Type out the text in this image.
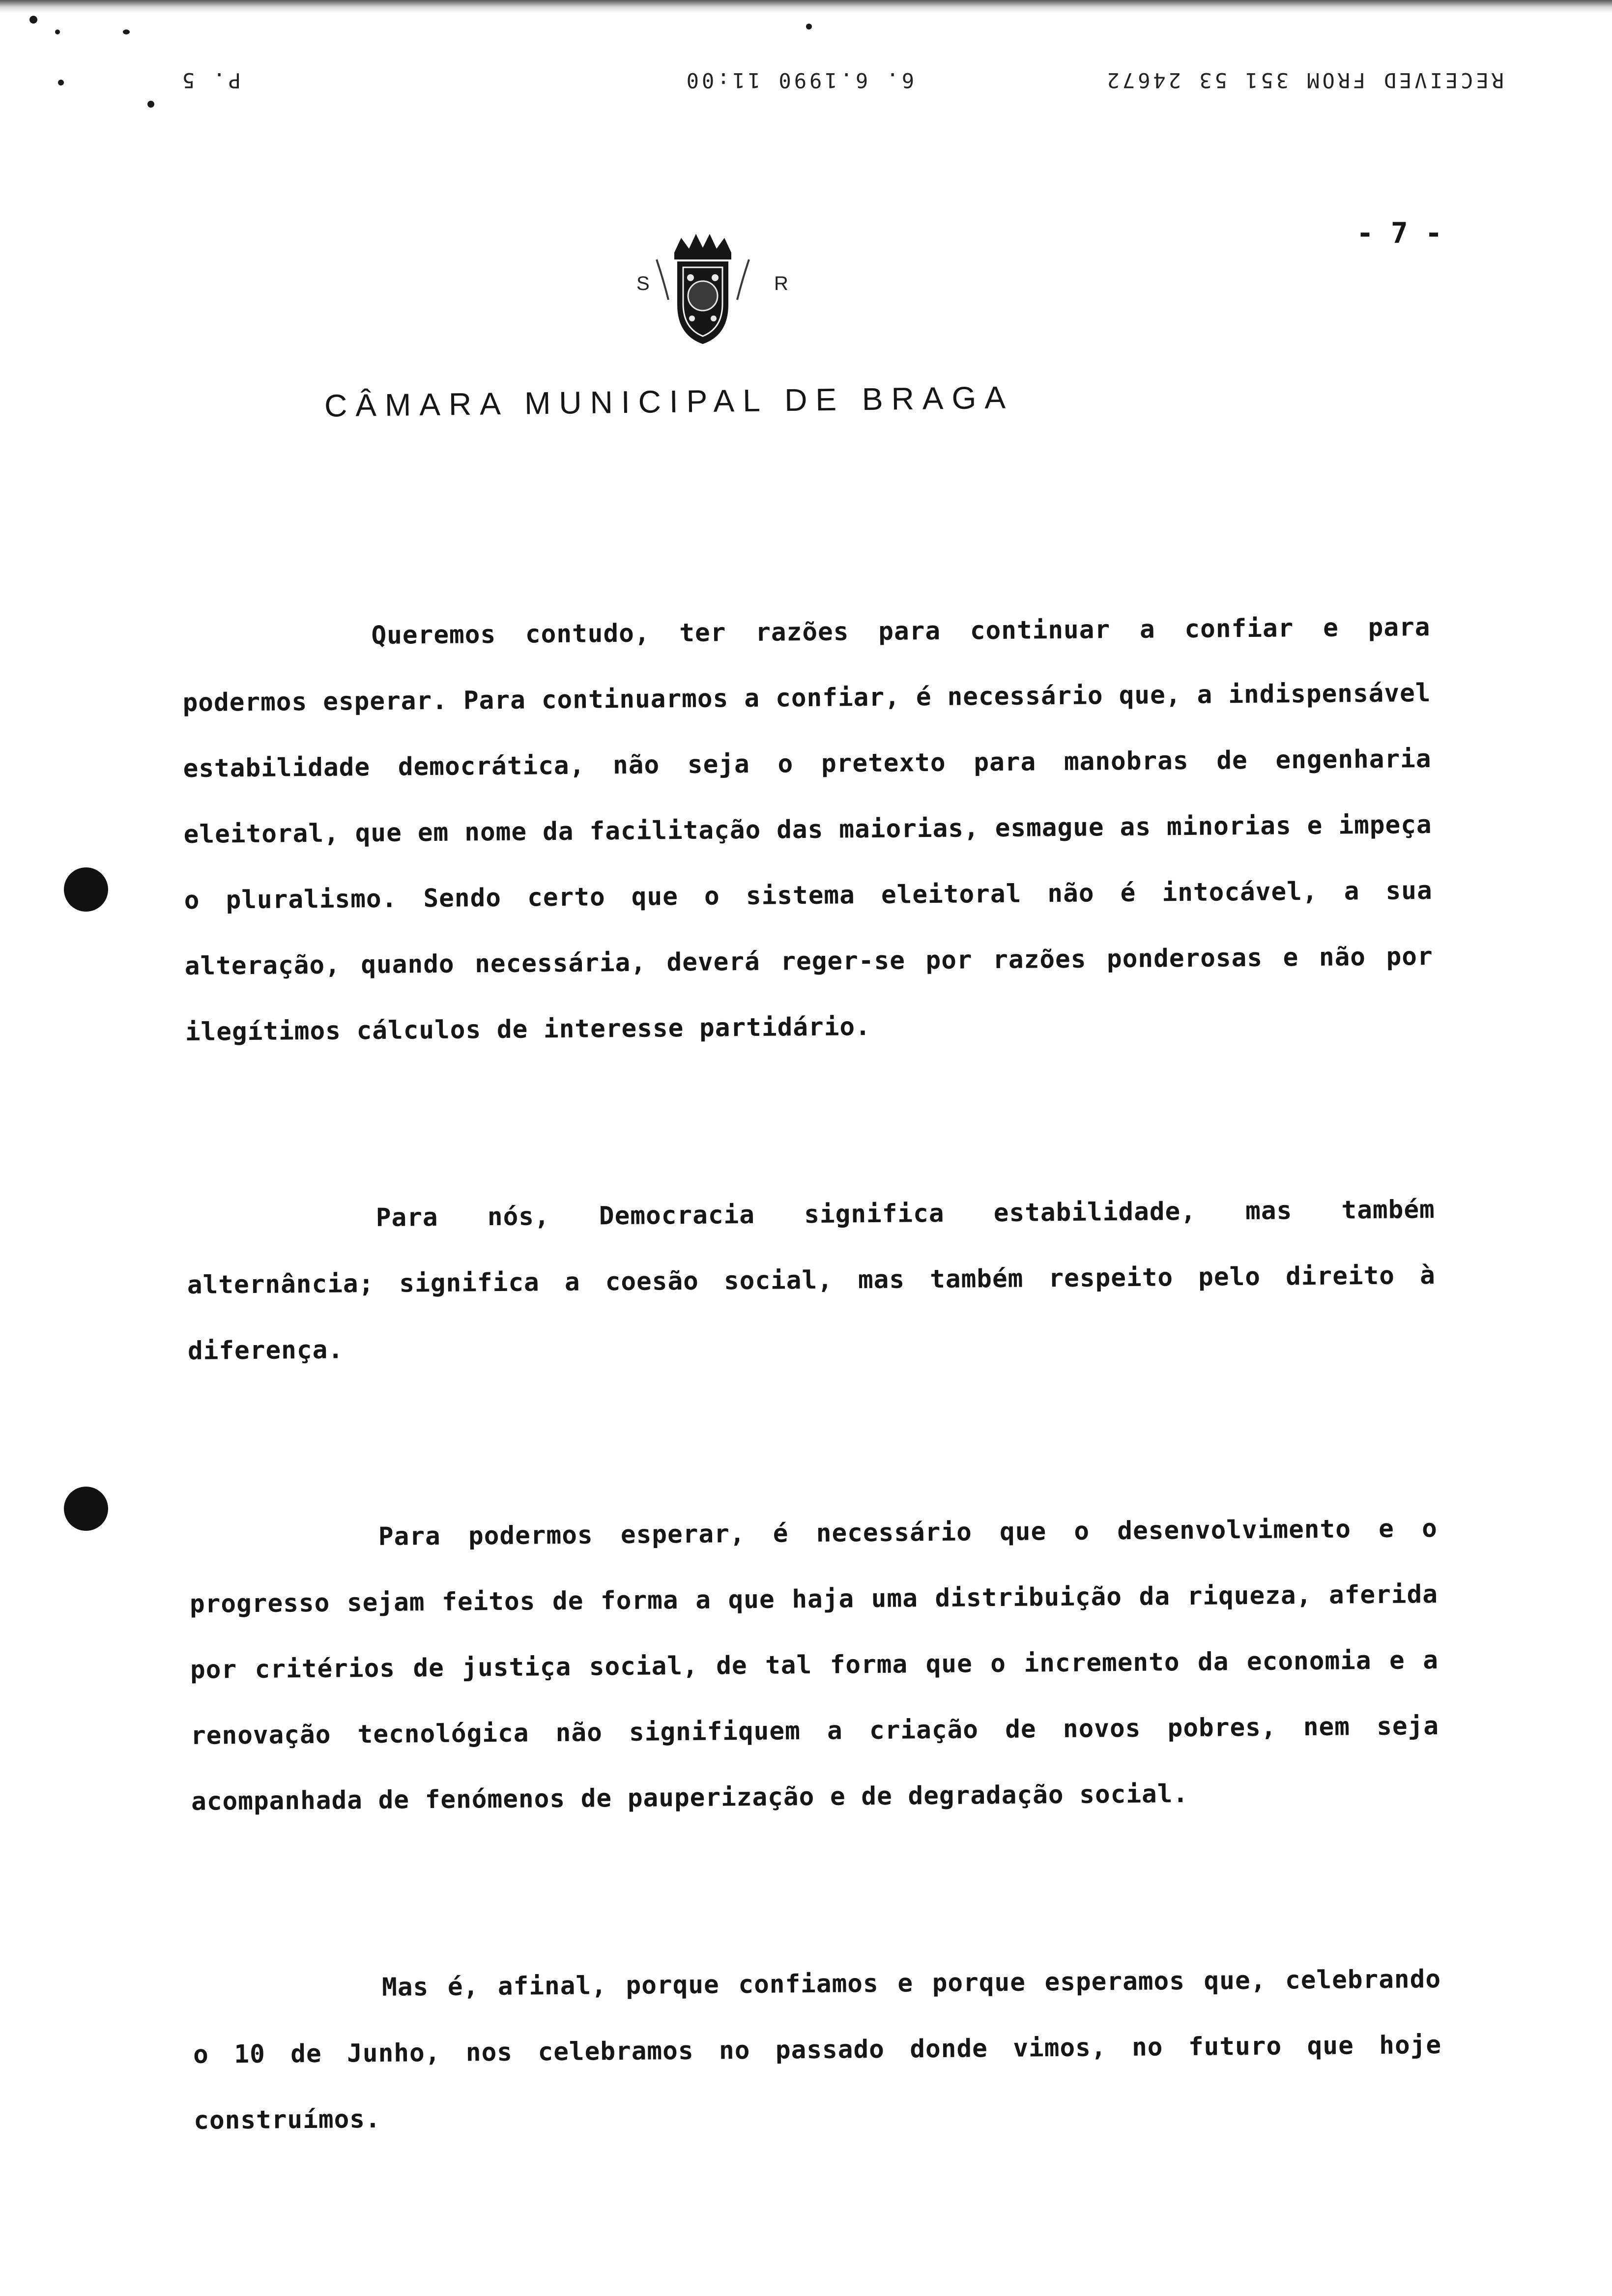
RECEIVED FROM 351 53 24672
6. 6.1990 11:00
P. 5
- 7 -
S	R
CÂMARA MUNICIPAL DE BRAGA

Queremos contudo, ter razões para continuar a confiar e para podermos esperar. Para continuarmos a confiar, é necessário que, a indispensável estabilidade democrática, não seja o pretexto para manobras de engenharia eleitoral, que em nome da facilitação das maiorias, esmague as minorias e impeça o pluralismo. Sendo certo que o sistema eleitoral não é intocável, a sua alteração, quando necessária, deverá reger-se por razões ponderosas e não por ilegítimos cálculos de interesse partidário.

Para nós, Democracia significa estabilidade, mas também alternância; significa a coesão social, mas também respeito pelo direito à diferença.

Para podermos esperar, é necessário que o desenvolvimento e o progresso sejam feitos de forma a que haja uma distribuição da riqueza, aferida por critérios de justiça social, de tal forma que o incremento da economia e a renovação tecnológica não signifiquem a criação de novos pobres, nem seja acompanhada de fenómenos de pauperização e de degradação social.

Mas é, afinal, porque confiamos e porque esperamos que, celebrando o 10 de Junho, nos celebramos no passado donde vimos, no futuro que hoje construímos.
